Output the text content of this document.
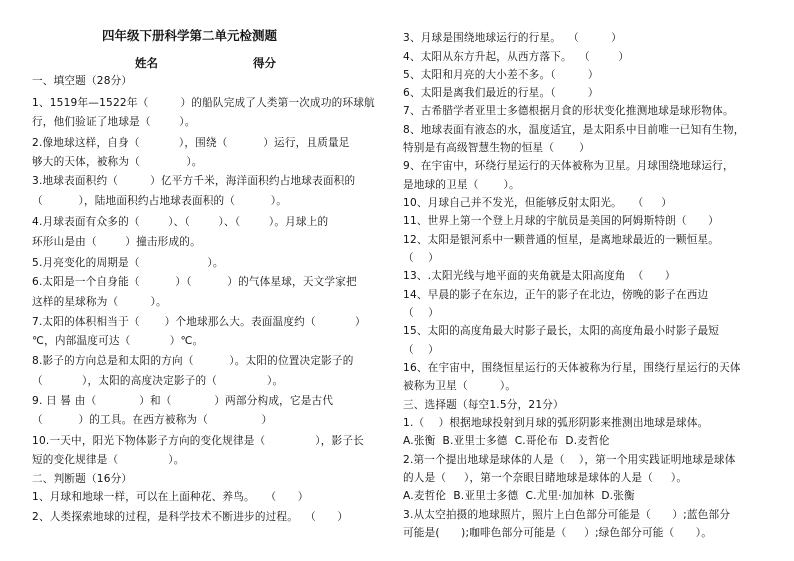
四年级下册科学第二单元检测题
姓名	得分
一、填空题（28分）
1、1519年—1522年（         ）的船队完成了人类第一次成功的环球航
行，他们验证了地球是（        ）。
2.像地球这样，自身（           ），围绕（          ）运行，且质量足
够大的天体，被称为（             ）。
3.地球表面积约（         ）亿平方千米，海洋面积约占地球表面积的
（          ），陆地面积约占地球表面积的（          ）。
4.月球表面有众多的（        ）、（        ）、（        ）。月球上的
环形山是由（        ）撞击形成的。
5.月亮变化的周期是（                   ）。
6.太阳是一个自身能（          ）（          ）的气体星球，天文学家把
这样的星球称为（         ）。
7.太阳的体积相当于（       ）个地球那么大。表面温度约（           ）
℃，内部温度可达（           ）℃。
8.影子的方向总是和太阳的方向（          ）。太阳的位置决定影子的
（           ），太阳的高度决定影子的（              ）。
9. 日 晷 由（            ）和（            ）两部分构成，它是古代
（          ）的工具。在西方被称为（               ）
10.一天中，阳光下物体影子方向的变化规律是（              ），影子长
短的变化规律是（              ）。
二、判断题（16分）
1、月球和地球一样，可以在上面种花、养鸟。   （      ）
2、人类探索地球的过程，是科学技术不断进步的过程。  （      ）
3、月球是围绕地球运行的行星。  （         ）
4、太阳从东方升起，从西方落下。  （        ）
5、太阳和月亮的大小差不多。（         ）
6、太阳是离我们最近的行星。（         ）
7、古希腊学者亚里士多德根据月食的形状变化推测地球是球形物体。
8、地球表面有液态的水，温度适宜，是太阳系中目前唯一已知有生物，
特别是有高级智慧生物的恒星（       ）
9、在宇宙中，环绕行星运行的天体被称为卫星。月球围绕地球运行，
是地球的卫星（       ）。
10、月球自己并不发光，但能够反射太阳光。   （     ）
11、世界上第一个登上月球的宇航员是美国的阿姆斯特朗（      ）
12、太阳是银河系中一颗普通的恒星，是离地球最近的一颗恒星。
（    ）
13、.太阳光线与地平面的夹角就是太阳高度角  （      ）
14、早晨的影子在东边，正午的影子在北边，傍晚的影子在西边
（    ）
15、太阳的高度角最大时影子最长，太阳的高度角最小时影子最短
（    ）
16、在宇宙中，围绕恒星运行的天体被称为行星，围绕行星运行的天体
被称为卫星（         ）。
三、选择题（每空1.5分，21分）
1.（    ）根据地球投射到月球的弧形阴影来推测出地球是球体。
A.张衡  B.亚里士多德  C.哥伦布  D.麦哲伦
2.第一个提出地球是球体的人是（    ），第一个用实践证明地球是球体
的人是（     ），第一个奈眼目睹地球是球体的人是（     ）。
A.麦哲伦  B.亚里士多德  C.尤里·加加林  D.张衡
3.从太空拍摄的地球照片，照片上白色部分可能是（      ）;蓝色部分
可能是(      );咖啡色部分可能是（     ）;绿色部分可能（      ）。
